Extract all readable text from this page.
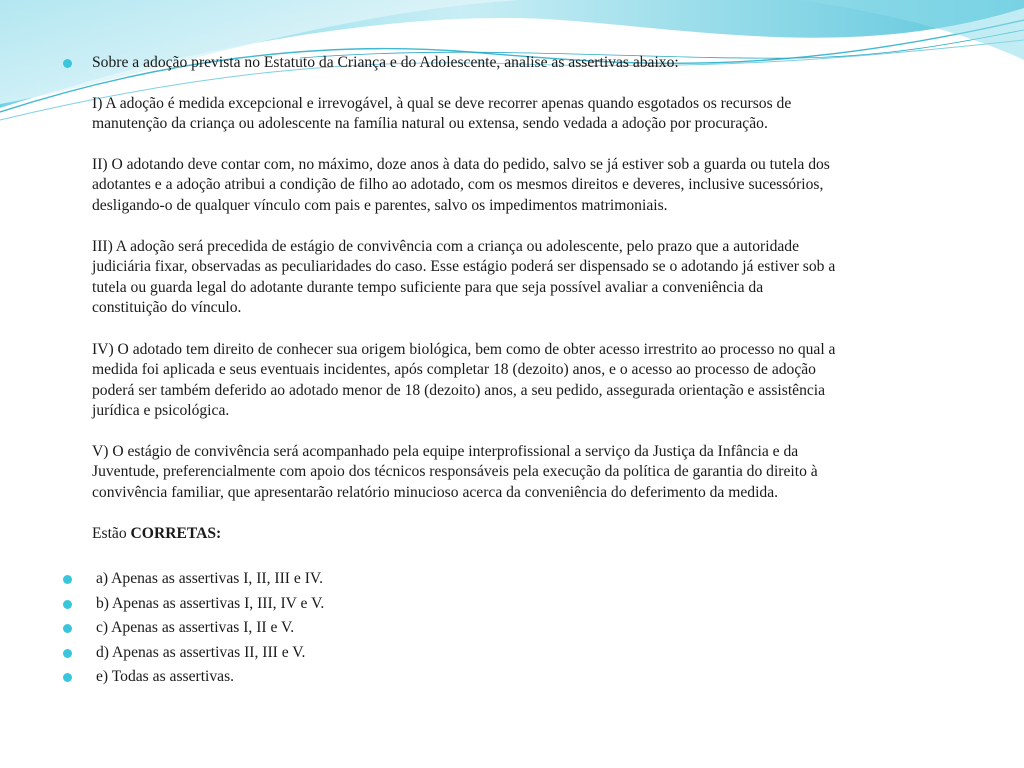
Sobre a adoção prevista no Estatuto da Criança e do Adolescente, analise as assertivas abaixo:
I) A adoção é medida excepcional e irrevogável, à qual se deve recorrer apenas quando esgotados os recursos de
manutenção da criança ou adolescente na família natural ou extensa, sendo vedada a adoção por procuração.
II) O adotando deve contar com, no máximo, doze anos à data do pedido, salvo se já estiver sob a guarda ou tutela dos
adotantes e a adoção atribui a condição de filho ao adotado, com os mesmos direitos e deveres, inclusive sucessórios,
desligando-o de qualquer vínculo com pais e parentes, salvo os impedimentos matrimoniais.
III) A adoção será precedida de estágio de convivência com a criança ou adolescente, pelo prazo que a autoridade
judiciária fixar, observadas as peculiaridades do caso. Esse estágio poderá ser dispensado se o adotando já estiver sob a
tutela ou guarda legal do adotante durante tempo suficiente para que seja possível avaliar a conveniência da
constituição do vínculo.
IV) O adotado tem direito de conhecer sua origem biológica, bem como de obter acesso irrestrito ao processo no qual a
medida foi aplicada e seus eventuais incidentes, após completar 18 (dezoito) anos, e o acesso ao processo de adoção
poderá ser também deferido ao adotado menor de 18 (dezoito) anos, a seu pedido, assegurada orientação e assistência
jurídica e psicológica.
V) O estágio de convivência será acompanhado pela equipe interprofissional a serviço da Justiça da Infância e da
Juventude, preferencialmente com apoio dos técnicos responsáveis pela execução da política de garantia do direito à
convivência familiar, que apresentarão relatório minucioso acerca da conveniência do deferimento da medida.
Estão CORRETAS:
a) Apenas as assertivas I, II, III e IV.
b) Apenas as assertivas I, III, IV e V.
c) Apenas as assertivas I, II e V.
d) Apenas as assertivas II, III e V.
e) Todas as assertivas.
